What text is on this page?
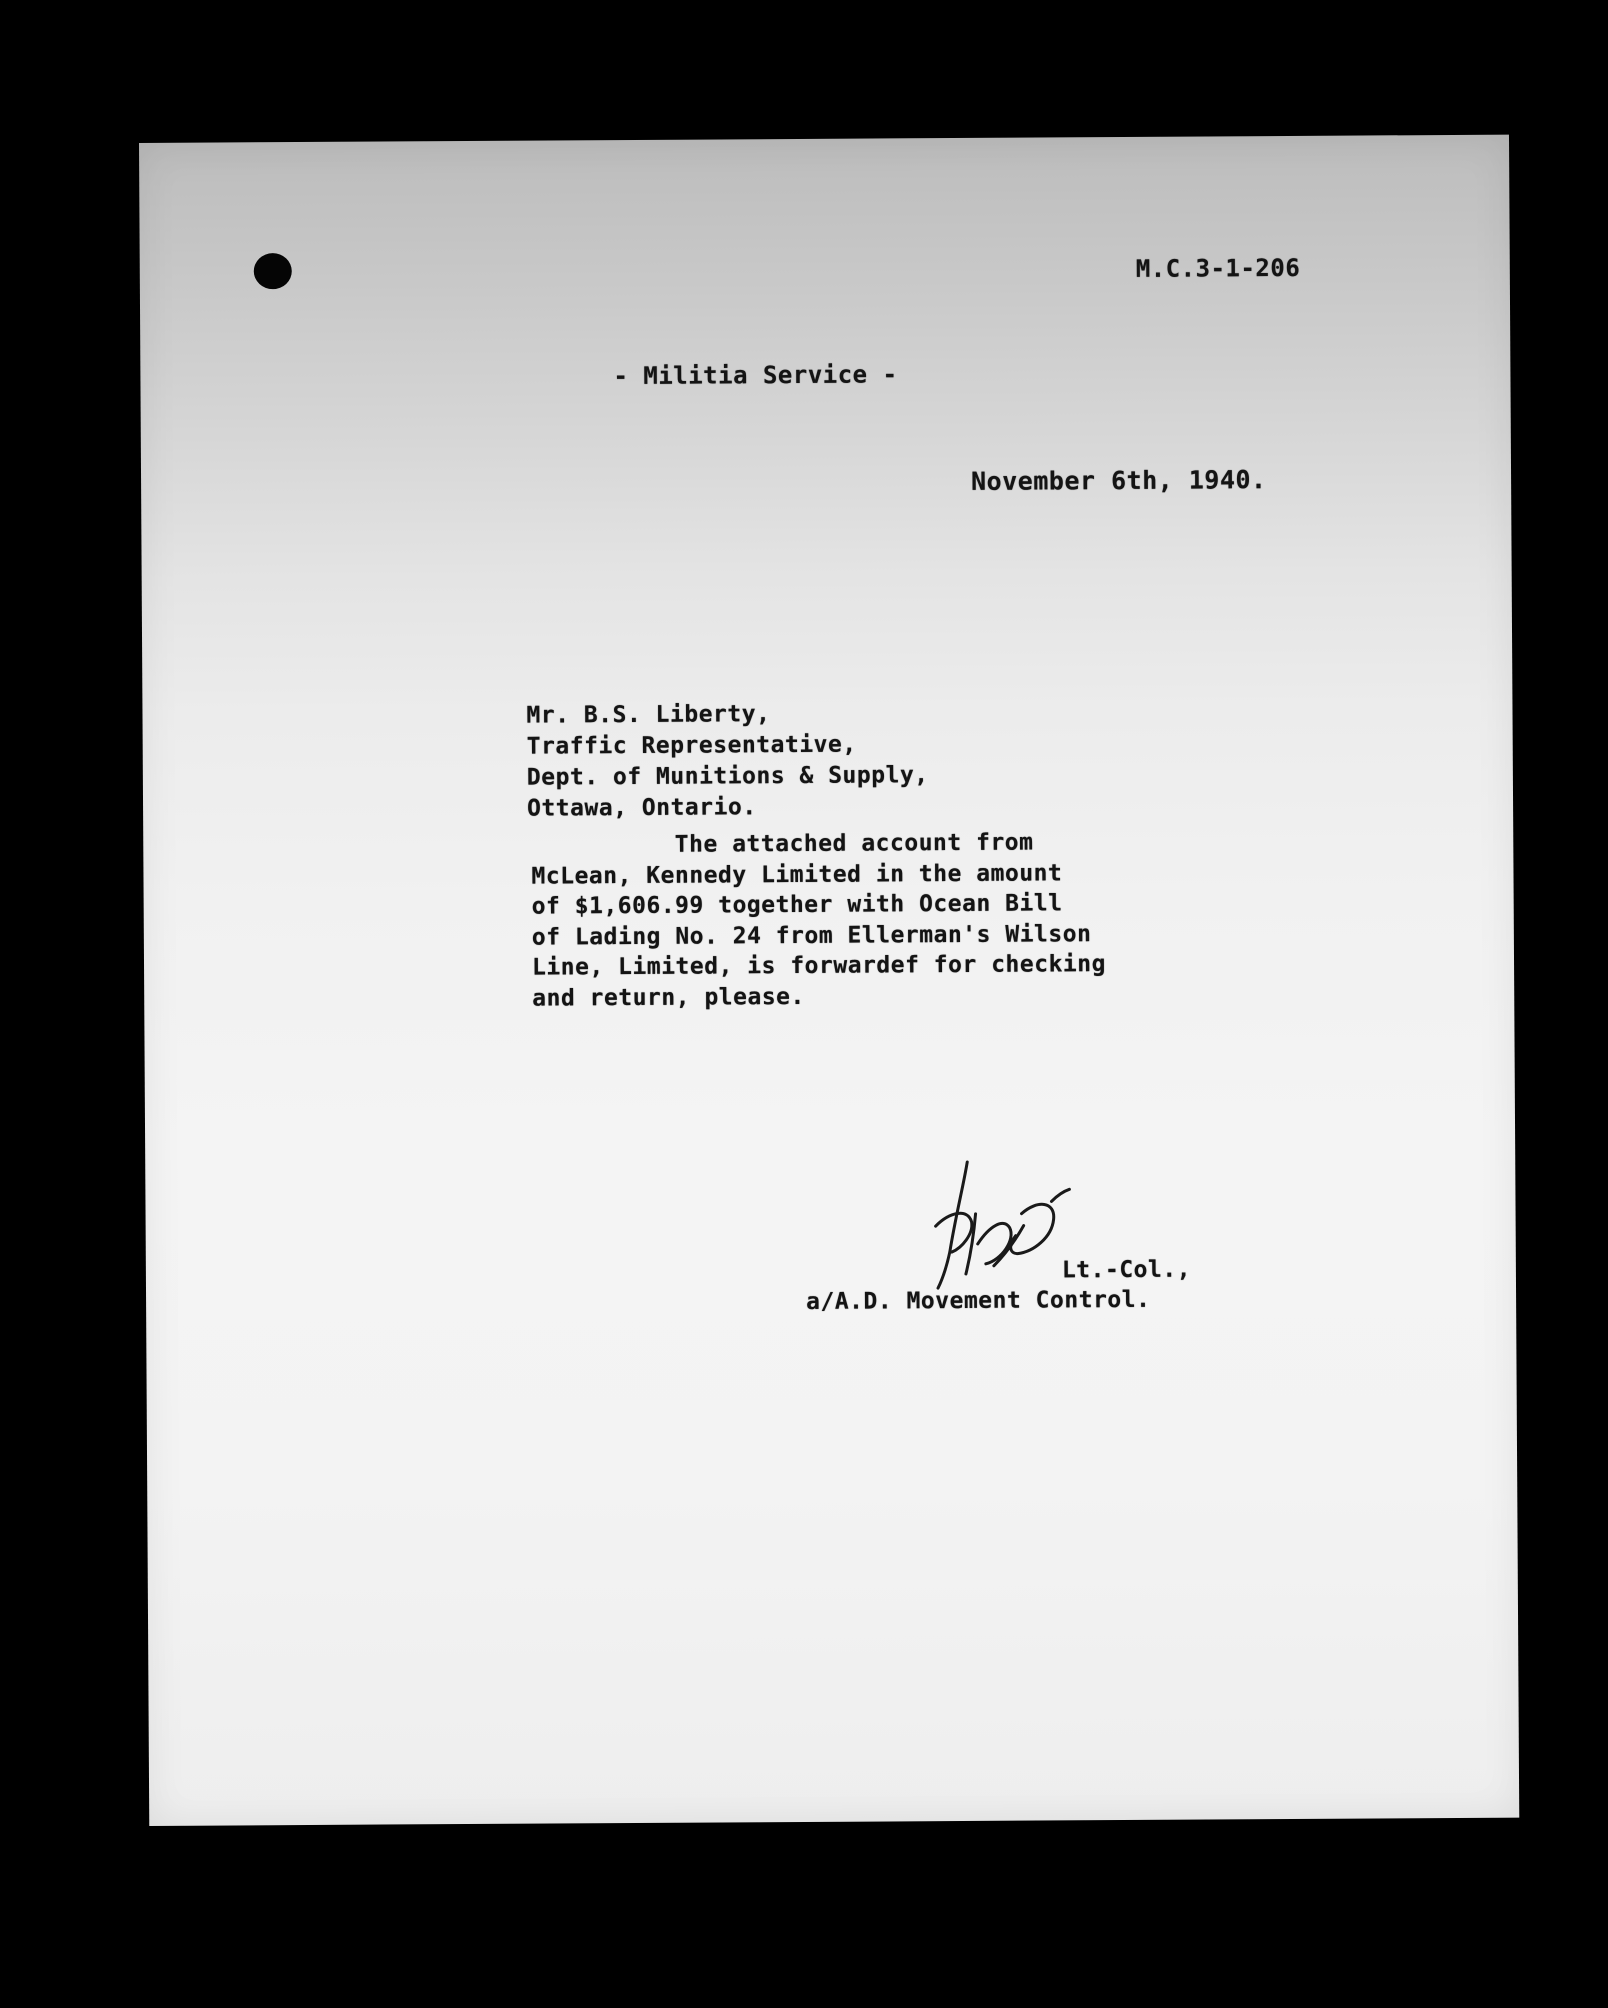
M.C.3-1-206

- Militia Service -

November 6th, 1940.

Mr. B.S. Liberty,

Traffic Representative,

Dept. of Munitions & Supply,

Ottawa, Ontario.

The attached account from

McLean, Kennedy Limited in the amount

of $1,606.99 together with Ocean Bill

of Lading No. 24 from Ellerman's Wilson

Line, Limited, is forwardef for checking

and return, please.

Lt.-Col.,

a/A.D. Movement Control.
